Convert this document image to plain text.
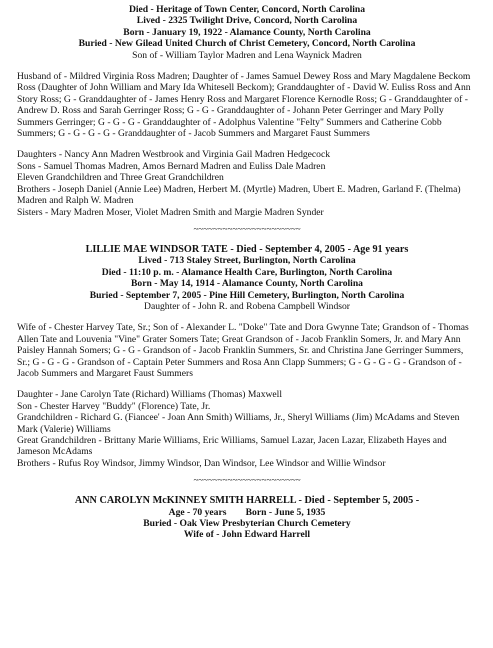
Died - Heritage of Town Center, Concord, North Carolina

Lived - 2325 Twilight Drive, Concord, North Carolina

Born - January 19, 1922 - Alamance County, North Carolina

Buried - New Gilead United Church of Christ Cemetery, Concord, North Carolina

Son of - William Taylor Madren and Lena Waynick Madren

Husband of - Mildred Virginia Ross Madren; Daughter of - James Samuel Dewey Ross and Mary Magdalene Beckom Ross (Daughter of John William and Mary Ida Whitesell Beckom); Granddaughter of - David W. Euliss Ross and Ann Story Ross; G - Granddaughter of - James Henry Ross and Margaret Florence Kernodle Ross; G - Granddaughter of - Andrew D. Ross and Sarah Gerringer Ross; G - G - Granddaughter of - Johann Peter Gerringer and Mary Polly Summers Gerringer; G - G - G - Granddaughter of - Adolphus Valentine "Felty" Summers and Catherine Cobb Summers; G - G - G - G - Granddaughter of - Jacob Summers and Margaret Faust Summers

Daughters - Nancy Ann Madren Westbrook and Virginia Gail Madren Hedgecock

Sons - Samuel Thomas Madren, Amos Bernard Madren and Euliss Dale Madren

Eleven Grandchildren and Three Great Grandchildren

Brothers - Joseph Daniel (Annie Lee) Madren, Herbert M. (Myrtle) Madren, Ubert E. Madren, Garland F. (Thelma) Madren and Ralph W. Madren

Sisters - Mary Madren Moser, Violet Madren Smith and Margie Madren Synder

~~~~~~~~~~~~~~~~~~~~~~

LILLIE MAE WINDSOR TATE - Died - September 4, 2005 - Age 91 years

Lived - 713 Staley Street, Burlington, North Carolina

Died - 11:10 p. m. - Alamance Health Care, Burlington, North Carolina

Born - May 14, 1914 - Alamance County, North Carolina

Buried - September 7, 2005 - Pine Hill Cemetery, Burlington, North Carolina

Daughter of - John R. and Robena Campbell Windsor

Wife of - Chester Harvey Tate, Sr.; Son of - Alexander L. "Doke" Tate and Dora Gwynne Tate; Grandson of - Thomas Allen Tate and Louvenia "Vine" Grater Somers Tate; Great Grandson of - Jacob Franklin Somers, Jr. and Mary Ann Paisley Hannah Somers; G - G - Grandson of - Jacob Franklin Summers, Sr. and Christina Jane Gerringer Summers, Sr.; G - G - G - Grandson of - Captain Peter Summers and Rosa Ann Clapp Summers; G - G - G - G - Grandson of - Jacob Summers and Margaret Faust Summers

Daughter - Jane Carolyn Tate (Richard) Williams (Thomas) Maxwell

Son - Chester Harvey "Buddy" (Florence) Tate, Jr.

Grandchildren - Richard G. (Fiancee' - Joan Ann Smith) Williams, Jr., Sheryl Williams (Jim) McAdams and Steven Mark (Valerie) Williams

Great Grandchildren - Brittany Marie Williams, Eric Williams, Samuel Lazar, Jacen Lazar, Elizabeth Hayes and Jameson McAdams

Brothers - Rufus Roy Windsor, Jimmy Windsor, Dan Windsor, Lee Windsor and Willie Windsor

~~~~~~~~~~~~~~~~~~~~~~

ANN CAROLYN McKINNEY SMITH HARRELL - Died - September 5, 2005 -

Age - 70 years        Born - June 5, 1935

Buried - Oak View Presbyterian Church Cemetery

Wife of - John Edward Harrell
